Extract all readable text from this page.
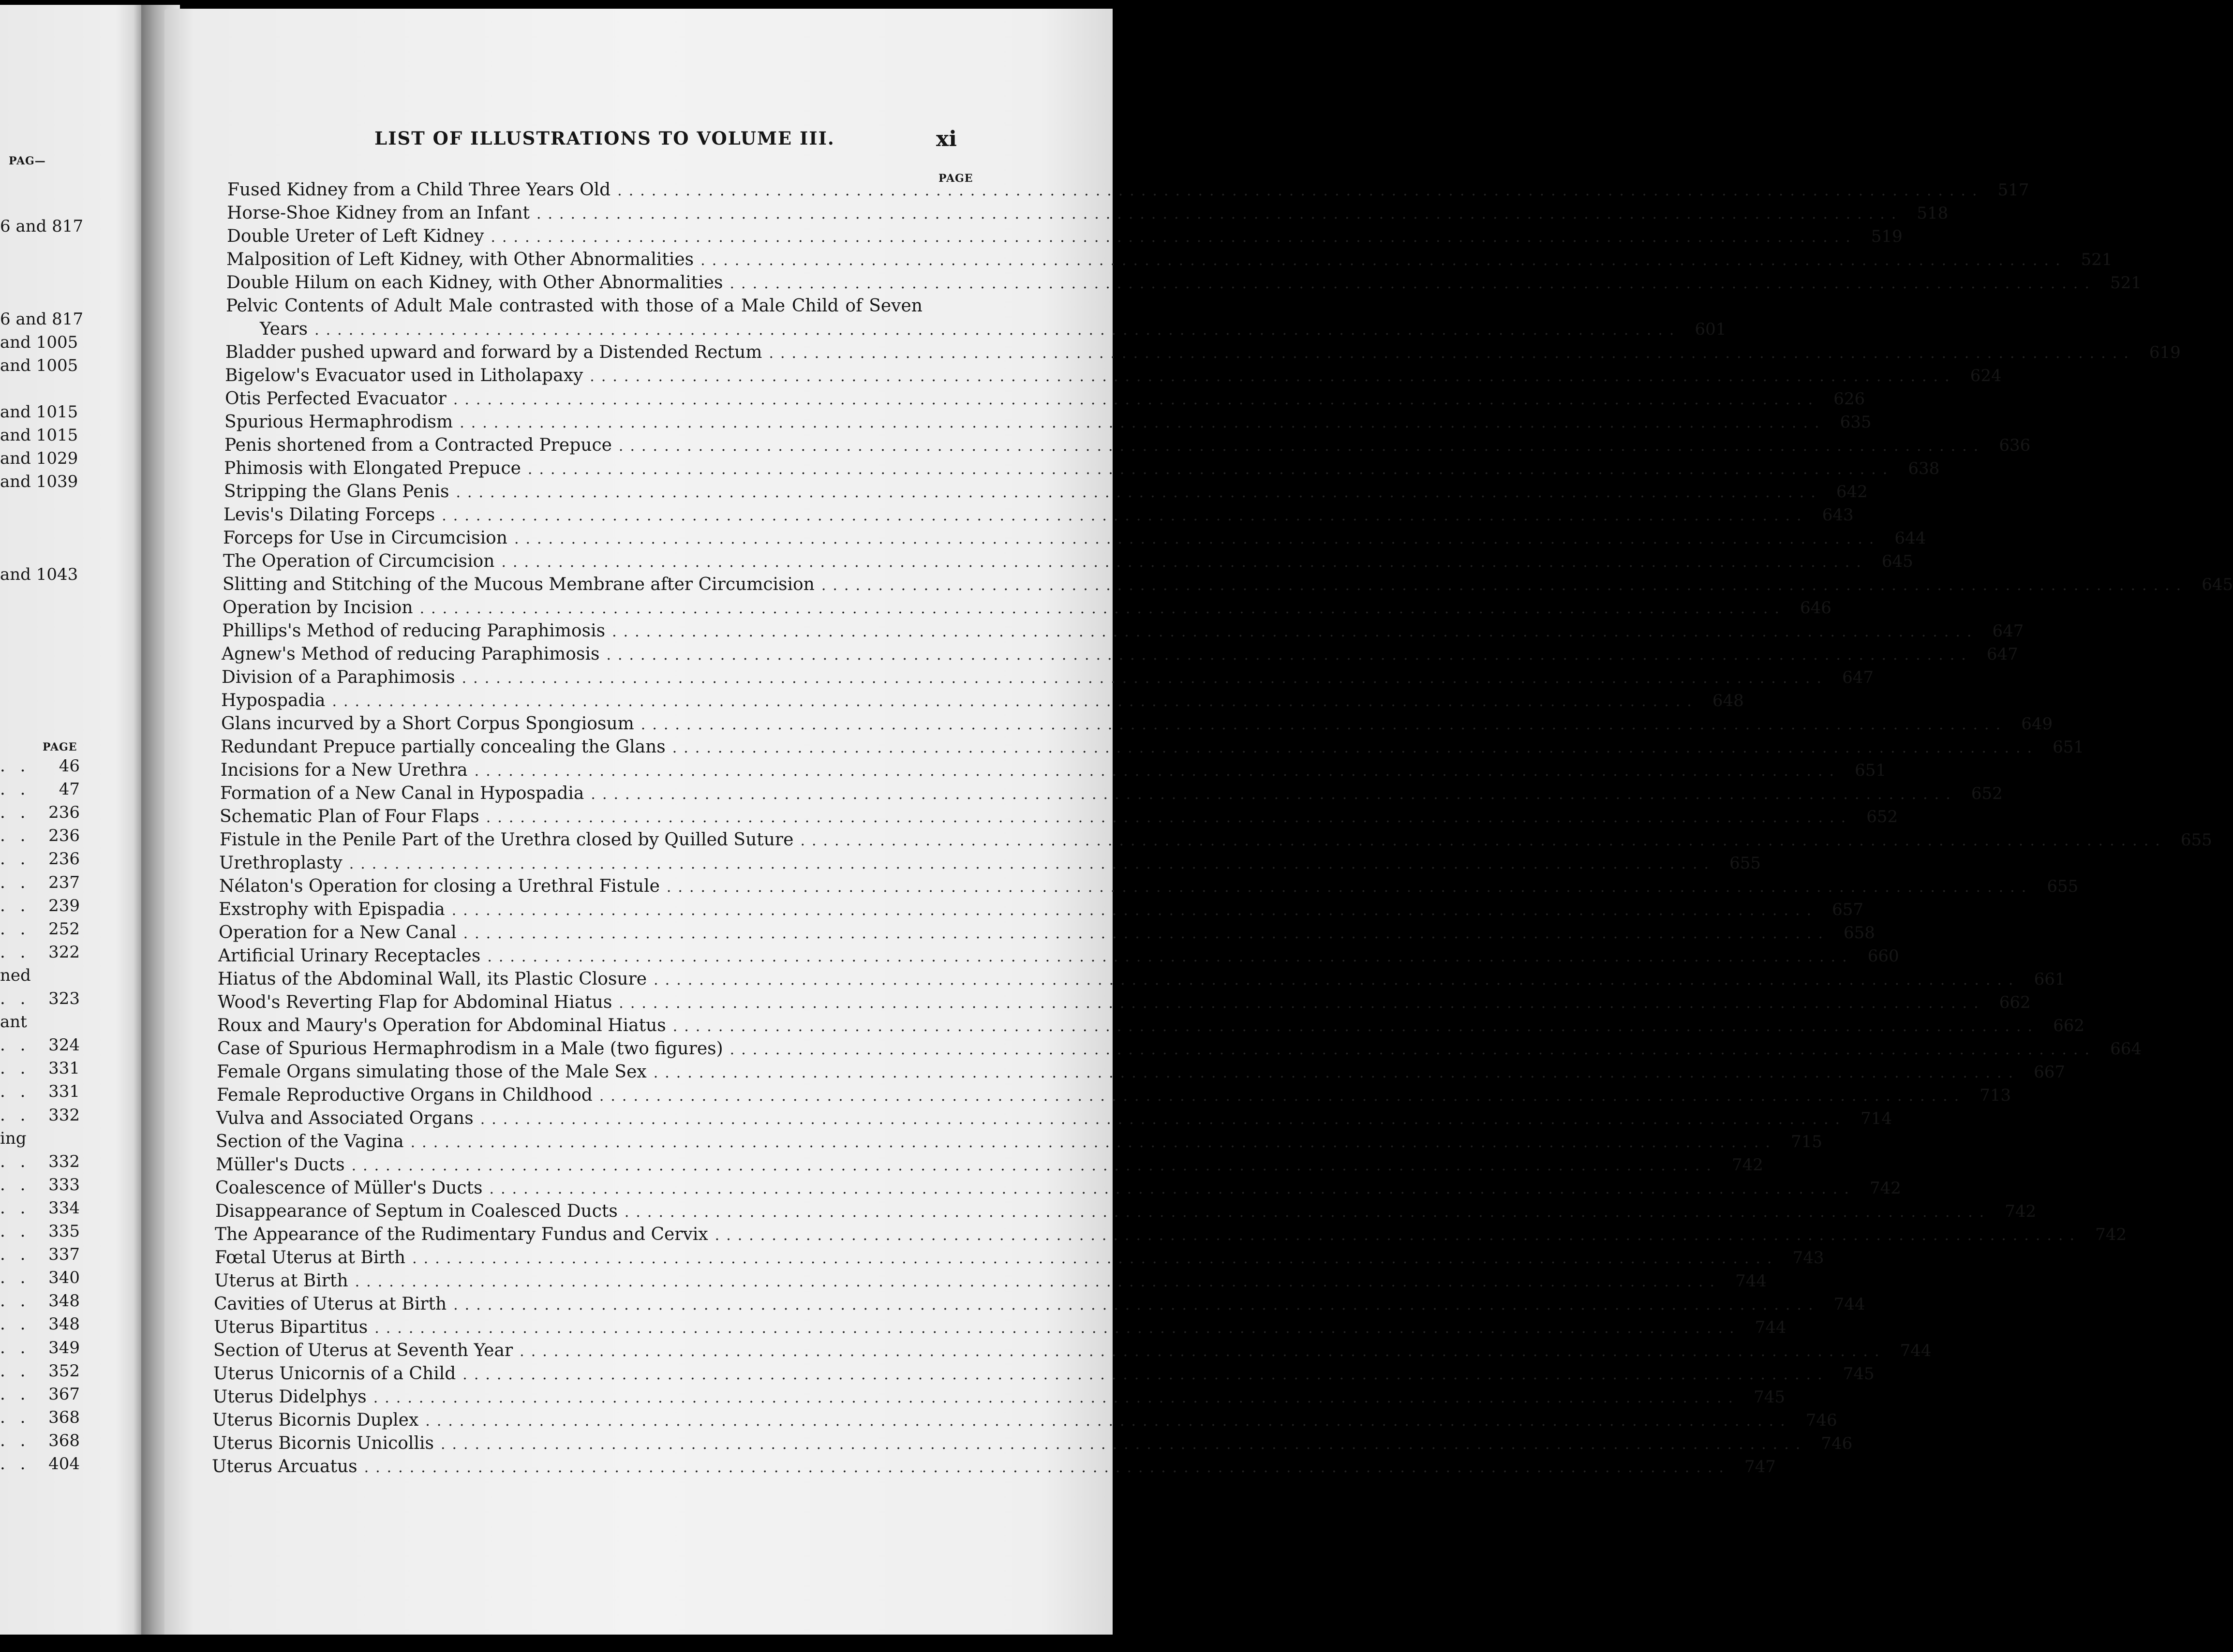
PAG—
PAGE
6 and 817
6 and 817
and 1005
and 1005
and 1015
and 1015
and 1029
and 1039
and 1043
. . 46
. . 47
. . 236
. . 236
. . 236
. . 237
. . 239
. . 252
. . 322
ned
. . 323
ant
. . 324
. . 331
. . 331
. . 332
ing
. . 332
. . 333
. . 334
. . 335
. . 337
. . 340
. . 348
. . 348
. . 349
. . 352
. . 367
. . 368
. . 368
. . 404
LIST OF ILLUSTRATIONS TO VOLUME III.	xi
PAGE
Fused Kidney from a Child Three Years Old ........................................................................................................................ 517
Horse-Shoe Kidney from an Infant ........................................................................................................................ 518
Double Ureter of Left Kidney ........................................................................................................................ 519
Malposition of Left Kidney, with Other Abnormalities ........................................................................................................................ 521
Double Hilum on each Kidney, with Other Abnormalities ........................................................................................................................ 521
Pelvic Contents of Adult Male contrasted with those of a Male Child of Seven
Years ........................................................................................................................ 601
Bladder pushed upward and forward by a Distended Rectum ........................................................................................................................ 619
Bigelow's Evacuator used in Litholapaxy ........................................................................................................................ 624
Otis Perfected Evacuator ........................................................................................................................ 626
Spurious Hermaphrodism ........................................................................................................................ 635
Penis shortened from a Contracted Prepuce ........................................................................................................................ 636
Phimosis with Elongated Prepuce ........................................................................................................................ 638
Stripping the Glans Penis ........................................................................................................................ 642
Levis's Dilating Forceps ........................................................................................................................ 643
Forceps for Use in Circumcision ........................................................................................................................ 644
The Operation of Circumcision ........................................................................................................................ 645
Slitting and Stitching of the Mucous Membrane after Circumcision ........................................................................................................................ 645
Operation by Incision ........................................................................................................................ 646
Phillips's Method of reducing Paraphimosis ........................................................................................................................ 647
Agnew's Method of reducing Paraphimosis ........................................................................................................................ 647
Division of a Paraphimosis ........................................................................................................................ 647
Hypospadia ........................................................................................................................ 648
Glans incurved by a Short Corpus Spongiosum ........................................................................................................................ 649
Redundant Prepuce partially concealing the Glans ........................................................................................................................ 651
Incisions for a New Urethra ........................................................................................................................ 651
Formation of a New Canal in Hypospadia ........................................................................................................................ 652
Schematic Plan of Four Flaps ........................................................................................................................ 652
Fistule in the Penile Part of the Urethra closed by Quilled Suture ........................................................................................................................ 655
Urethroplasty ........................................................................................................................ 655
Nélaton's Operation for closing a Urethral Fistule ........................................................................................................................ 655
Exstrophy with Epispadia ........................................................................................................................ 657
Operation for a New Canal ........................................................................................................................ 658
Artificial Urinary Receptacles ........................................................................................................................ 660
Hiatus of the Abdominal Wall, its Plastic Closure ........................................................................................................................ 661
Wood's Reverting Flap for Abdominal Hiatus ........................................................................................................................ 662
Roux and Maury's Operation for Abdominal Hiatus ........................................................................................................................ 662
Case of Spurious Hermaphrodism in a Male (two figures) ........................................................................................................................ 664
Female Organs simulating those of the Male Sex ........................................................................................................................ 667
Female Reproductive Organs in Childhood ........................................................................................................................ 713
Vulva and Associated Organs ........................................................................................................................ 714
Section of the Vagina ........................................................................................................................ 715
Müller's Ducts ........................................................................................................................ 742
Coalescence of Müller's Ducts ........................................................................................................................ 742
Disappearance of Septum in Coalesced Ducts ........................................................................................................................ 742
The Appearance of the Rudimentary Fundus and Cervix ........................................................................................................................ 742
Fœtal Uterus at Birth ........................................................................................................................ 743
Uterus at Birth ........................................................................................................................ 744
Cavities of Uterus at Birth ........................................................................................................................ 744
Uterus Bipartitus ........................................................................................................................ 744
Section of Uterus at Seventh Year ........................................................................................................................ 744
Uterus Unicornis of a Child ........................................................................................................................ 745
Uterus Didelphys ........................................................................................................................ 745
Uterus Bicornis Duplex ........................................................................................................................ 746
Uterus Bicornis Unicollis ........................................................................................................................ 746
Uterus Arcuatus ........................................................................................................................ 747
